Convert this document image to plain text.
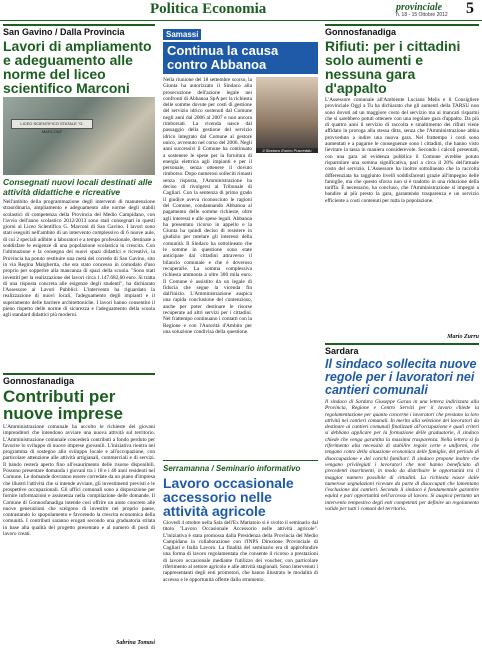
Politica Economia	provinciale
n. 18 - 15 Ottobre 2012 5
San Gavino / Dalla Provincia
Lavori di ampliamento e adeguamento alle norme del liceo scientifico Marconi
LICEO SCIENTIFICO STATALE "G. MARCONI"
Consegnati nuovi locali destinati alle attività didattiche e ricreative

Nell'ambito della programmazione degli interventi di manutenzione straordinaria, ampliamento e adeguamento alle norme degli stabili scolastici di competenza della Provincia del Medio Campidano, con l'avvio dell'anno scolastico 2012/2013 sono stati consegnati in questi giorni al Liceo Scientifico G. Marconi di San Gavino. I lavori sono stati eseguiti nell'ambito di un intervento complessivo di 6 nuove aule, di cui 2 speciali adibite a laboratori e a tempo professionale, destinate a soddisfare le esigenze di una popolazione scolastica in crescita. Con l'ultimazione e la consegna dei nuovi spazi didattici e ricreativi, la Provincia ha potuto restituire una metà del corredo di San Gavino, sito in via Regina Margherita, che era stato concesso in comodato d'uso proprio per sopperire alla mancanza di spazi della scuola. "Sono stati investiti per la realizzazione dei lavori circa 1.147.682,60 euro. Si tratta di una risposta concreta alle esigenze degli studenti", ha dichiarato l'Assessore ai Lavori Pubblici. L'intervento ha riguardato la realizzazione di nuovi locali, l'adeguamento degli impianti e il superamento delle barriere architettoniche. I lavori hanno consentito il pieno rispetto delle norme di sicurezza e l'adeguamento della scuola agli standard didattici più moderni.

Gonnosfanadiga
Contributi per nuove imprese

L'Amministrazione comunale ha accolto le richieste dei giovani imprenditori che intendono avviare una nuova attività sul territorio. L'Amministrazione comunale concederà contributi a fondo perduto per favorire lo sviluppo di nuove imprese giovanili. L'iniziativa rientra nel programma di sostegno allo sviluppo locale e all'occupazione, con particolare attenzione alle attività artigianali, commerciali e di servizi. Il bando resterà aperto fino all'esaurimento delle risorse disponibili. Possono presentare domanda i giovani tra i 18 e i 40 anni residenti nel Comune. Le domande dovranno essere corredate da un piano d'impresa che illustri l'attività che si intende avviare, gli investimenti previsti e le prospettive occupazionali. Gli uffici comunali sono a disposizione per fornire informazioni e assistenza nella compilazione delle domande. Il Comune di Gonnosfanadiga intende così offrire un aiuto concreto alle nuove generazioni che scelgono di investire nel proprio paese, contrastando lo spopolamento e favorendo la crescita economica della comunità. I contributi saranno erogati secondo una graduatoria stilata in base alla qualità del progetto presentato e al numero di posti di lavoro creati.

Sabrina Tomasi
Samassi
Continua la causa contro Abbanoa
Il Sindaco Enrico Pusceddu

Nella riunione del 18 settembre scorso, la Giunta ha autorizzato il Sindaco alla prosecuzione dell'azione legale nei confronti di Abbanoa SpA per la richiesta delle somme dovute per costi di gestione del servizio idrico sostenuti dal Comune negli anni dal 2006 al 2007 e non ancora rimborsati. La vicenda nasce dal passaggio della gestione del servizio idrico integrato dal Comune al gestore unico, avvenuto nel corso del 2006. Negli anni successivi il Comune ha continuato a sostenere le spese per la fornitura di energia elettrica agli impianti e per il personale, senza ottenere il dovuto rimborso. Dopo numerosi solleciti rimasti senza risposta, l'Amministrazione ha deciso di rivolgersi al Tribunale di Cagliari. Con la sentenza di primo grado il giudice aveva riconosciuto le ragioni del Comune, condannando Abbanoa al pagamento delle somme richieste, oltre agli interessi e alle spese legali. Abbanoa ha presentato ricorso in appello e la Giunta ha quindi deciso di resistere in giudizio per tutelare gli interessi della comunità. Il Sindaco ha sottolineato che le somme in questione sono state anticipate dai cittadini attraverso il bilancio comunale e che è doveroso recuperarle. La somma complessiva richiesta ammonta a oltre 300 mila euro. Il Comune è assistito da un legale di fiducia che segue la vicenda fin dall'inizio. L'Amministrazione auspica una rapida conclusione del contenzioso, anche per poter destinare le risorse recuperate ad altri servizi per i cittadini. Nel frattempo continuano i contatti con la Regione e con l'Autorità d'Ambito per una soluzione condivisa della questione.

Serramanna / Seminario informativo
Lavoro occasionale accessorio nelle attività agricole

Giovedì 4 ottobre nella Sala dell'Ex Mattatoio si è svolto il seminario dal titolo "Lavoro Occasionale Accessorio nelle attività agricole". L'iniziativa è stata promossa dalla Presidenza della Provincia del Medio Campidano in collaborazione con l'INPS Direzione Provinciale di Cagliari e Italia Lavoro. La finalità del seminario era di approfondire una forma di lavoro regolamentata che consente il ricorso a prestazioni di lavoro occasionale mediante l'utilizzo dei voucher, con particolare riferimento al settore agricolo e alle attività stagionali. Sono intervenuti i rappresentanti degli enti promotori, che hanno illustrato le modalità di accesso e le opportunità offerte dallo strumento.

Gonnosfanadiga
Rifiuti: per i cittadini solo aumenti e nessuna gara d'appalto

L'Assessore comunale all'Ambiente Luciana Melis e il Consigliere provinciale Oggi a Tu ha dichiarato che gli aumenti della TARSU non sono dovuti ad un maggiore costo del servizio ma ai mancati risparmi che si sarebbero potuti ottenere con una regolare gara d'appalto. Da più di quattro anni il servizio di raccolta e smaltimento dei rifiuti viene affidato in proroga alla stessa ditta, senza che l'Amministrazione abbia provveduto a indire una nuova gara. Nel frattempo i costi sono aumentati e a pagarne le conseguenze sono i cittadini, che hanno visto lievitare la tassa in maniera considerevole. Secondo i calcoli presentati, con una gara ad evidenza pubblica il Comune avrebbe potuto risparmiare una somma significativa, pari a circa il 20% dell'attuale costo del servizio. L'Assessore ha inoltre sottolineato che la raccolta differenziata ha raggiunto livelli soddisfacenti grazie all'impegno delle famiglie, ma che questo sforzo non si è tradotto in una riduzione della tariffa. È necessario, ha concluso, che l'Amministrazione si impegni a bandire al più presto la gara, garantendo trasparenza e un servizio efficiente a costi contenuti per tutta la popolazione.

Mario Zurru
Sardara
Il sindaco sollecita nuove regole per i lavoratori nei cantieri comunali

Il sindaco di Sardara Giuseppe Garau in una lettera indirizzata alla Provincia, Regione e Centro Servizi per il lavoro chiede la regolamentazione per quanto concerne i lavoratori che prestano la loro attività nei cantieri comunali. In merito alla selezione dei lavoratori da destinare ai cantieri comunali finalizzati all'occupazione e quali criteri si debbano applicare per la formazione delle graduatorie, il sindaco chiede che venga garantita la massima trasparenza. Nella lettera si fa riferimento alla necessità di stabilire regole certe e uniformi, che tengano conto della situazione economica delle famiglie, del periodo di disoccupazione e dei carichi familiari. Il sindaco propone inoltre che vengano privilegiati i lavoratori che non hanno beneficiato di precedenti inserimenti, in modo da distribuire le opportunità tra il maggior numero possibile di cittadini. La richiesta nasce dalle numerose segnalazioni ricevute da parte di disoccupati che lamentano l'esclusione dai cantieri. Secondo il sindaco è fondamentale garantire equità e pari opportunità nell'accesso al lavoro. Si auspica pertanto un intervento tempestivo degli enti competenti per definire un regolamento valido per tutti i comuni del territorio.
